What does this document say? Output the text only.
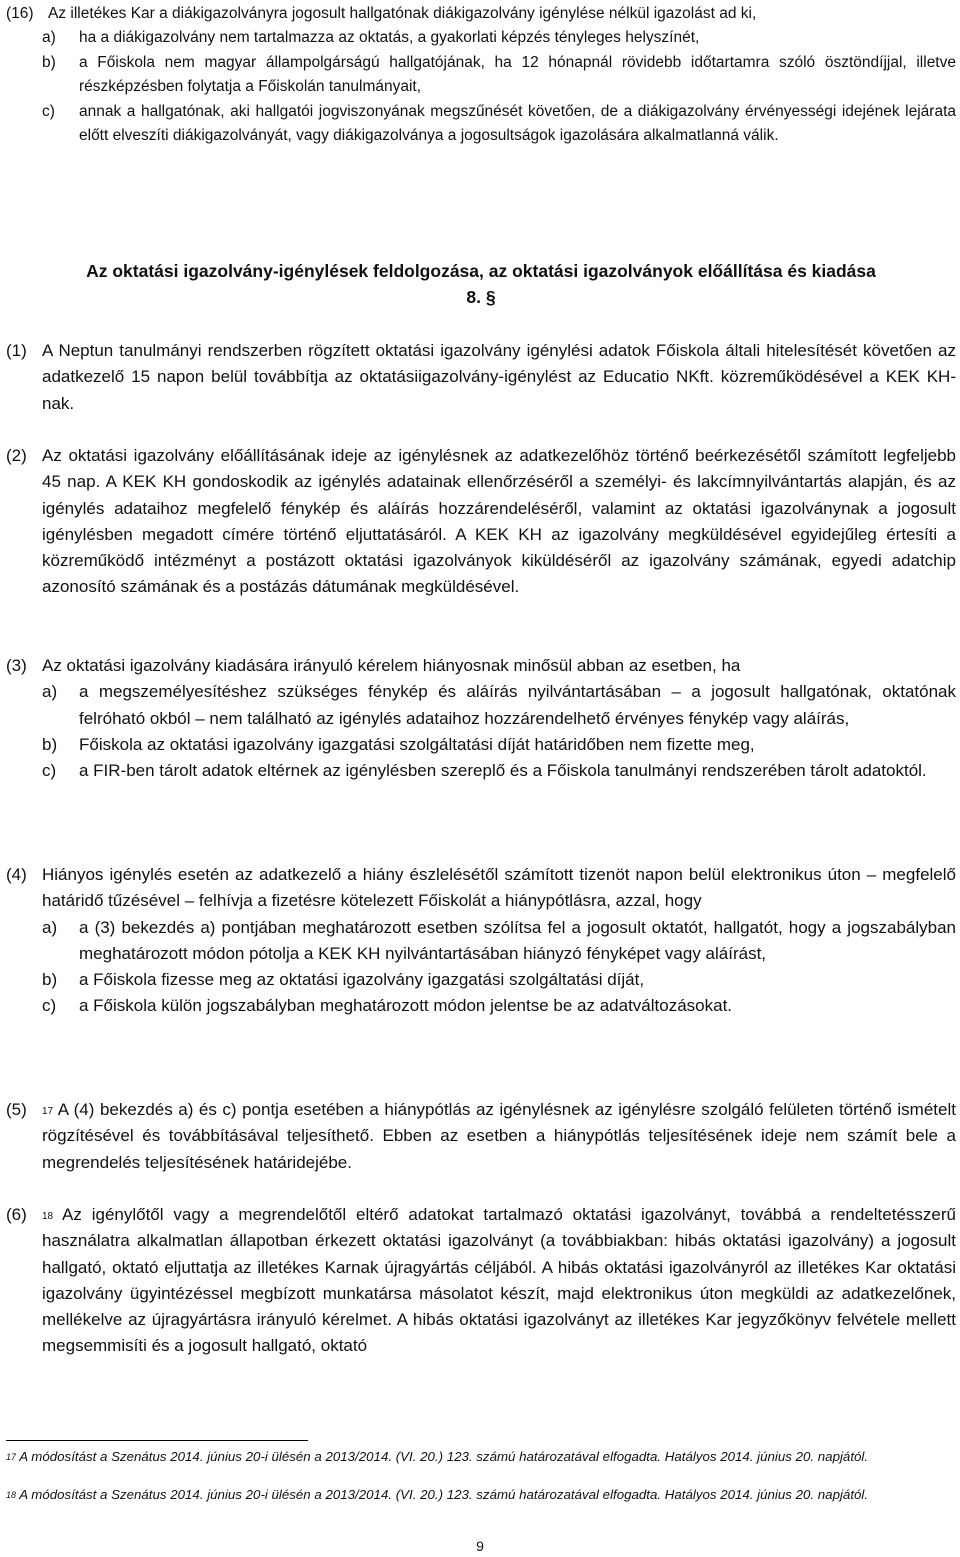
(16) Az illetékes Kar a diákigazolványra jogosult hallgatónak diákigazolvány igénylése nélkül igazolást ad ki,
a)	ha a diákigazolvány nem tartalmazza az oktatás, a gyakorlati képzés tényleges helyszínét,
b)	a Főiskola nem magyar állampolgárságú hallgatójának, ha 12 hónapnál rövidebb időtartamra szóló ösztöndíjjal, illetve részképzésben folytatja a Főiskolán tanulmányait,
c)	annak a hallgatónak, aki hallgatói jogviszonyának megszűnését követően, de a diákigazolvány érvényességi idejének lejárata előtt elveszíti diákigazolványát, vagy diákigazolványa a jogosultságok igazolására alkalmatlanná válik.
Az oktatási igazolvány-igénylések feldolgozása, az oktatási igazolványok előállítása és kiadása
8. §
(1) A Neptun tanulmányi rendszerben rögzített oktatási igazolvány igénylési adatok Főiskola általi hitelesítését követően az adatkezelő 15 napon belül továbbítja az oktatásiigazolvány-igénylést az Educatio NKft. közreműködésével a KEK KH-nak.
(2) Az oktatási igazolvány előállításának ideje az igénylésnek az adatkezelőhöz történő beérkezésétől számított legfeljebb 45 nap. A KEK KH gondoskodik az igénylés adatainak ellenőrzéséről a személyi- és lakcímnyilvántartás alapján, és az igénylés adataihoz megfelelő fénykép és aláírás hozzárendeléséről, valamint az oktatási igazolványnak a jogosult igénylésben megadott címére történő eljuttatásáról. A KEK KH az igazolvány megküldésével egyidejűleg értesíti a közreműködő intézményt a postázott oktatási igazolványok kiküldéséről az igazolvány számának, egyedi adatchip azonosító számának és a postázás dátumának megküldésével.
(3) Az oktatási igazolvány kiadására irányuló kérelem hiányosnak minősül abban az esetben, ha
a)	a megszemélyesítéshez szükséges fénykép és aláírás nyilvántartásában – a jogosult hallgatónak, oktatónak felróható okból – nem található az igénylés adataihoz hozzárendelhető érvényes fénykép vagy aláírás,
b)	Főiskola az oktatási igazolvány igazgatási szolgáltatási díját határidőben nem fizette meg,
c)	a FIR-ben tárolt adatok eltérnek az igénylésben szereplő és a Főiskola tanulmányi rendszerében tárolt adatoktól.
(4) Hiányos igénylés esetén az adatkezelő a hiány észlelésétől számított tizenöt napon belül elektronikus úton – megfelelő határidő tűzésével – felhívja a fizetésre kötelezett Főiskolát a hiánypótlásra, azzal, hogy
a)	a (3) bekezdés a) pontjában meghatározott esetben szólítsa fel a jogosult oktatót, hallgatót, hogy a jogszabályban meghatározott módon pótolja a KEK KH nyilvántartásában hiányzó fényképet vagy aláírást,
b)	a Főiskola fizesse meg az oktatási igazolvány igazgatási szolgáltatási díját,
c)	a Főiskola külön jogszabályban meghatározott módon jelentse be az adatváltozásokat.
(5)	$^{17}$ A (4) bekezdés a) és c) pontja esetében a hiánypótlás az igénylésnek az igénylésre szolgáló felületen történő ismételt rögzítésével és továbbításával teljesíthető. Ebben az esetben a hiánypótlás teljesítésének ideje nem számít bele a megrendelés teljesítésének határidejébe.
(6)	$^{18}$ Az igénylőtől vagy a megrendelőtől eltérő adatokat tartalmazó oktatási igazolványt, továbbá a rendeltetésszerű használatra alkalmatlan állapotban érkezett oktatási igazolványt (a továbbiakban: hibás oktatási igazolvány) a jogosult hallgató, oktató eljuttatja az illetékes Karnak újragyártás céljából. A hibás oktatási igazolványról az illetékes Kar oktatási igazolvány ügyintézéssel megbízott munkatársa másolatot készít, majd elektronikus úton megküldi az adatkezelőnek, mellékelve az újragyártásra irányuló kérelmet. A hibás oktatási igazolványt az illetékes Kar jegyzőkönyv felvétele mellett megsemmisíti és a jogosult hallgató, oktató
$^{17}$ A módosítást a Szenátus 2014. június 20-i ülésén a 2013/2014. (VI. 20.) 123. számú határozatával elfogadta. Hatályos 2014. június 20. napjától.
$^{18}$ A módosítást a Szenátus 2014. június 20-i ülésén a 2013/2014. (VI. 20.) 123. számú határozatával elfogadta. Hatályos 2014. június 20. napjától.
9
